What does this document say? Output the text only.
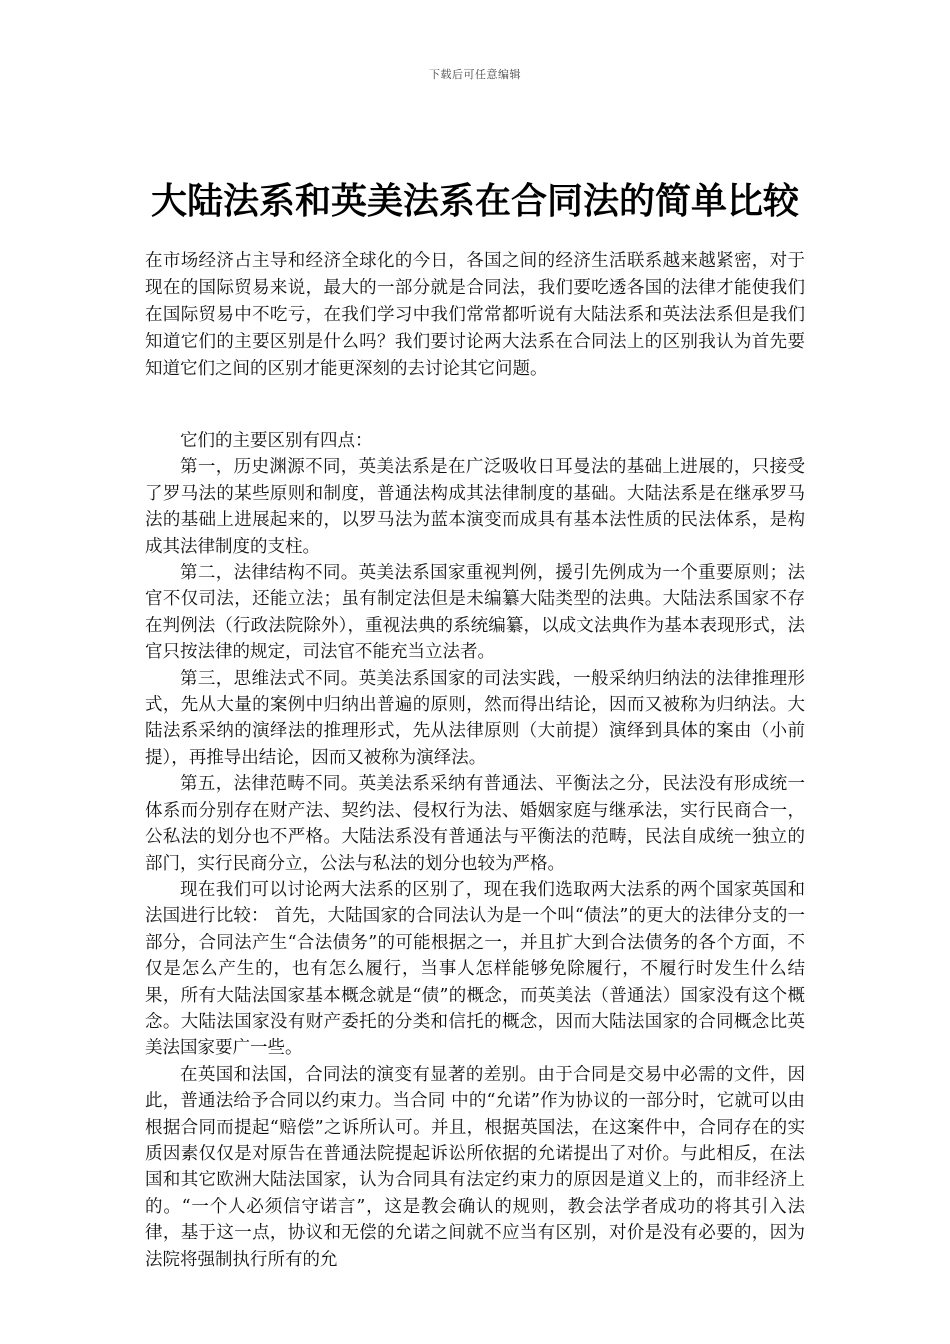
下载后可任意编辑
大陆法系和英美法系在合同法的简单比较

在市场经济占主导和经济全球化的今日，各国之间的经济生活联系越来越紧密，对于现在的国际贸易来说，最大的一部分就是合同法，我们要吃透各国的法律才能使我们在国际贸易中不吃亏，在我们学习中我们常常都听说有大陆法系和英法法系但是我们知道它们的主要区别是什么吗？我们要讨论两大法系在合同法上的区别我认为首先要知道它们之间的区别才能更深刻的去讨论其它问题。

它们的主要区别有四点：

第一，历史渊源不同，英美法系是在广泛吸收日耳曼法的基础上进展的，只接受了罗马法的某些原则和制度，普通法构成其法律制度的基础。大陆法系是在继承罗马法的基础上进展起来的，以罗马法为蓝本演变而成具有基本法性质的民法体系，是构成其法律制度的支柱。

第二，法律结构不同。英美法系国家重视判例，援引先例成为一个重要原则；法官不仅司法，还能立法；虽有制定法但是未编纂大陆类型的法典。大陆法系国家不存在判例法（行政法院除外），重视法典的系统编纂，以成文法典作为基本表现形式，法官只按法律的规定，司法官不能充当立法者。

第三，思维法式不同。英美法系国家的司法实践，一般采纳归纳法的法律推理形式，先从大量的案例中归纳出普遍的原则，然而得出结论，因而又被称为归纳法。大陆法系采纳的演绎法的推理形式，先从法律原则（大前提）演绎到具体的案由（小前提），再推导出结论，因而又被称为演绎法。

第五，法律范畴不同。英美法系采纳有普通法、平衡法之分，民法没有形成统一体系而分别存在财产法、契约法、侵权行为法、婚姻家庭与继承法，实行民商合一，公私法的划分也不严格。大陆法系没有普通法与平衡法的范畴，民法自成统一独立的部门，实行民商分立，公法与私法的划分也较为严格。

现在我们可以讨论两大法系的区别了，现在我们选取两大法系的两个国家英国和法国进行比较： 首先，大陆国家的合同法认为是一个叫“债法”的更大的法律分支的一部分，合同法产生“合法债务”的可能根据之一，并且扩大到合法债务的各个方面，不仅是怎么产生的，也有怎么履行，当事人怎样能够免除履行，不履行时发生什么结果，所有大陆法国家基本概念就是“债”的概念，而英美法（普通法）国家没有这个概念。大陆法国家没有财产委托的分类和信托的概念，因而大陆法国家的合同概念比英美法国家要广一些。

在英国和法国，合同法的演变有显著的差别。由于合同是交易中必需的文件，因此，普通法给予合同以约束力。当合同 中的“允诺”作为协议的一部分时，它就可以由根据合同而提起“赔偿”之诉所认可。并且，根据英国法，在这案件中，合同存在的实质因素仅仅是对原告在普通法院提起诉讼所依据的允诺提出了对价。与此相反，在法国和其它欧洲大陆法国家，认为合同具有法定约束力的原因是道义上的，而非经济上的。“一个人必须信守诺言”，这是教会确认的规则，教会法学者成功的将其引入法律，基于这一点，协议和无偿的允诺之间就不应当有区别，对价是没有必要的，因为法院将强制执行所有的允
